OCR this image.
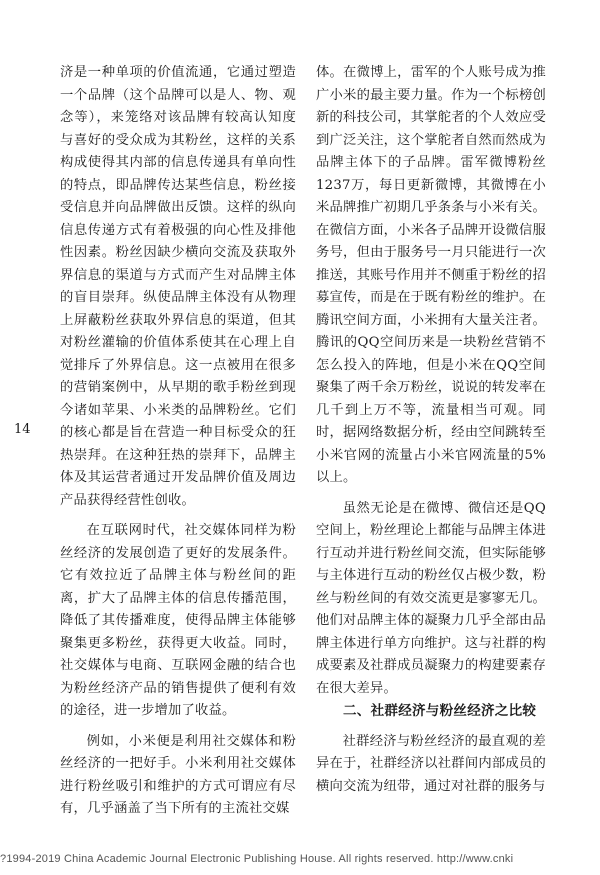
14

济是一种单项的价值流通，它通过塑造一个品牌（这个品牌可以是人、物、观念等），来笼络对该品牌有较高认知度与喜好的受众成为其粉丝，这样的关系构成使得其内部的信息传递具有单向性的特点，即品牌传达某些信息，粉丝接受信息并向品牌做出反馈。这样的纵向信息传递方式有着极强的向心性及排他性因素。粉丝因缺少横向交流及获取外界信息的渠道与方式而产生对品牌主体的盲目崇拜。纵使品牌主体没有从物理上屏蔽粉丝获取外界信息的渠道，但其对粉丝灌输的价值体系使其在心理上自觉排斥了外界信息。这一点被用在很多的营销案例中，从早期的歌手粉丝到现今诸如苹果、小米类的品牌粉丝。它们的核心都是旨在营造一种目标受众的狂热崇拜。在这种狂热的崇拜下，品牌主体及其运营者通过开发品牌价值及周边产品获得经营性创收。

在互联网时代，社交媒体同样为粉丝经济的发展创造了更好的发展条件。它有效拉近了品牌主体与粉丝间的距离，扩大了品牌主体的信息传播范围，降低了其传播难度，使得品牌主体能够聚集更多粉丝，获得更大收益。同时，社交媒体与电商、互联网金融的结合也为粉丝经济产品的销售提供了便利有效的途径，进一步增加了收益。

例如，小米便是利用社交媒体和粉丝经济的一把好手。小米利用社交媒体进行粉丝吸引和维护的方式可谓应有尽有，几乎涵盖了当下所有的主流社交媒

体。在微博上，雷军的个人账号成为推广小米的最主要力量。作为一个标榜创新的科技公司，其掌舵者的个人效应受到广泛关注，这个掌舵者自然而然成为品牌主体下的子品牌。雷军微博粉丝1237万，每日更新微博，其微博在小米品牌推广初期几乎条条与小米有关。在微信方面，小米各子品牌开设微信服务号，但由于服务号一月只能进行一次推送，其账号作用并不侧重于粉丝的招募宣传，而是在于既有粉丝的维护。在腾讯空间方面，小米拥有大量关注者。腾讯的QQ空间历来是一块粉丝营销不怎么投入的阵地，但是小米在QQ空间聚集了两千余万粉丝，说说的转发率在几千到上万不等，流量相当可观。同时，据网络数据分析，经由空间跳转至小米官网的流量占小米官网流量的5%以上。

虽然无论是在微博、微信还是QQ空间上，粉丝理论上都能与品牌主体进行互动并进行粉丝间交流，但实际能够与主体进行互动的粉丝仅占极少数，粉丝与粉丝间的有效交流更是寥寥无几。他们对品牌主体的凝聚力几乎全部由品牌主体进行单方向维护。这与社群的构成要素及社群成员凝聚力的构建要素存在很大差异。

二、社群经济与粉丝经济之比较

社群经济与粉丝经济的最直观的差异在于，社群经济以社群间内部成员的横向交流为纽带，通过对社群的服务与

?1994-2019 China Academic Journal Electronic Publishing House. All rights reserved. http://www.cnki
